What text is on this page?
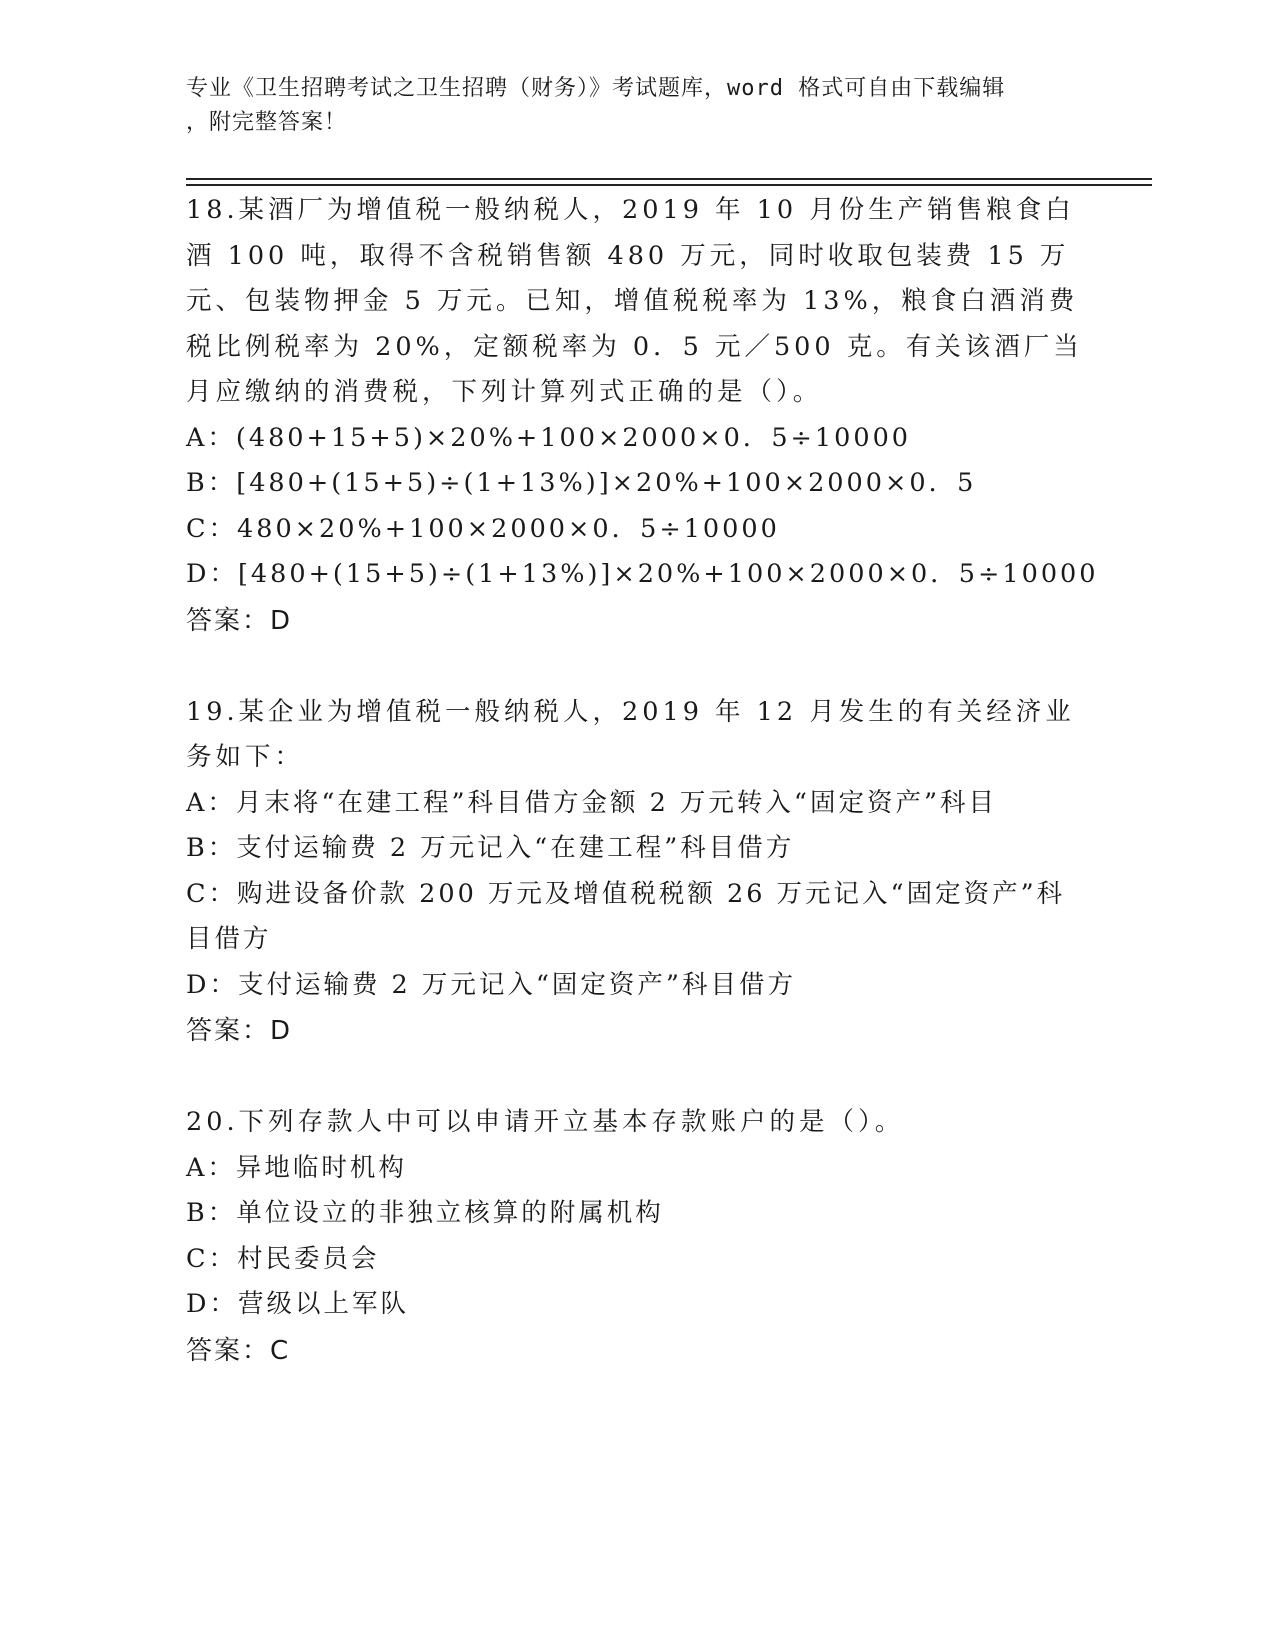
专业《卫生招聘考试之卫生招聘（财务）》考试题库，word 格式可自由下载编辑
，附完整答案！

18.某酒厂为增值税一般纳税人，2019 年 10 月份生产销售粮食白酒 100 吨，取得不含税销售额 480 万元，同时收取包装费 15 万元、包装物押金 5 万元。已知，增值税税率为 13%，粮食白酒消费税比例税率为 20%，定额税率为 0．5 元／500 克。有关该酒厂当月应缴纳的消费税，下列计算列式正确的是（）。

A：(480+15+5)×20%+100×2000×0．5÷10000

B：[480+(15+5)÷(1+13%)]×20%+100×2000×0．5

C：480×20%+100×2000×0．5÷10000

D：[480+(15+5)÷(1+13%)]×20%+100×2000×0．5÷10000

答案：D

19.某企业为增值税一般纳税人，2019 年 12 月发生的有关经济业务如下：

A：月末将“在建工程”科目借方金额 2 万元转入“固定资产”科目

B：支付运输费 2 万元记入“在建工程”科目借方

C：购进设备价款 200 万元及增值税税额 26 万元记入“固定资产”科目借方

D：支付运输费 2 万元记入“固定资产”科目借方

答案：D

20.下列存款人中可以申请开立基本存款账户的是（）。

A：异地临时机构

B：单位设立的非独立核算的附属机构

C：村民委员会

D：营级以上军队

答案：C
